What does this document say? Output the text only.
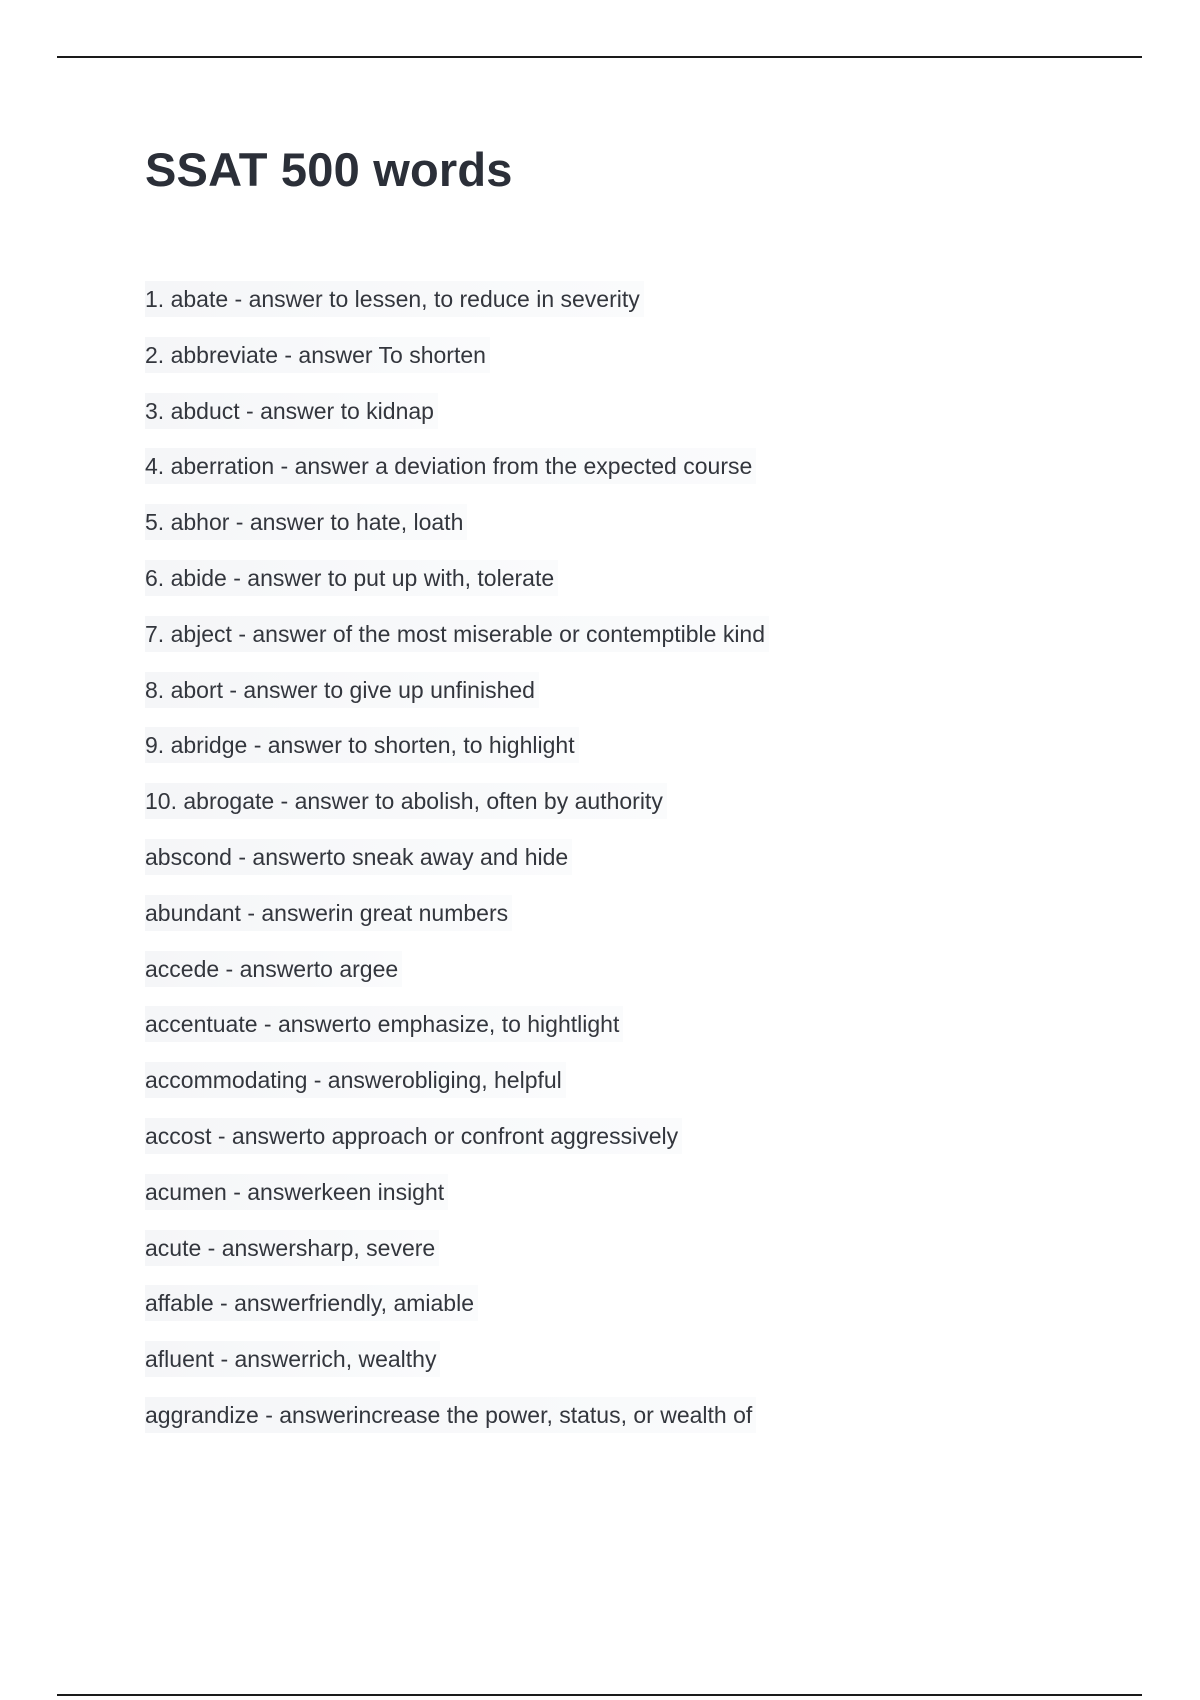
SSAT 500 words
1. abate - answer to lessen, to reduce in severity
2. abbreviate - answer To shorten
3. abduct - answer to kidnap
4. aberration - answer a deviation from the expected course
5. abhor - answer to hate, loath
6. abide - answer to put up with, tolerate
7. abject - answer of the most miserable or contemptible kind
8. abort - answer to give up unfinished
9. abridge - answer to shorten, to highlight
10. abrogate - answer to abolish, often by authority
abscond - answerto sneak away and hide
abundant - answerin great numbers
accede - answerto argee
accentuate - answerto emphasize, to hightlight
accommodating - answerobliging, helpful
accost - answerto approach or confront aggressively
acumen - answerkeen insight
acute - answersharp, severe
affable - answerfriendly, amiable
afluent - answerrich, wealthy
aggrandize - answerincrease the power, status, or wealth of
